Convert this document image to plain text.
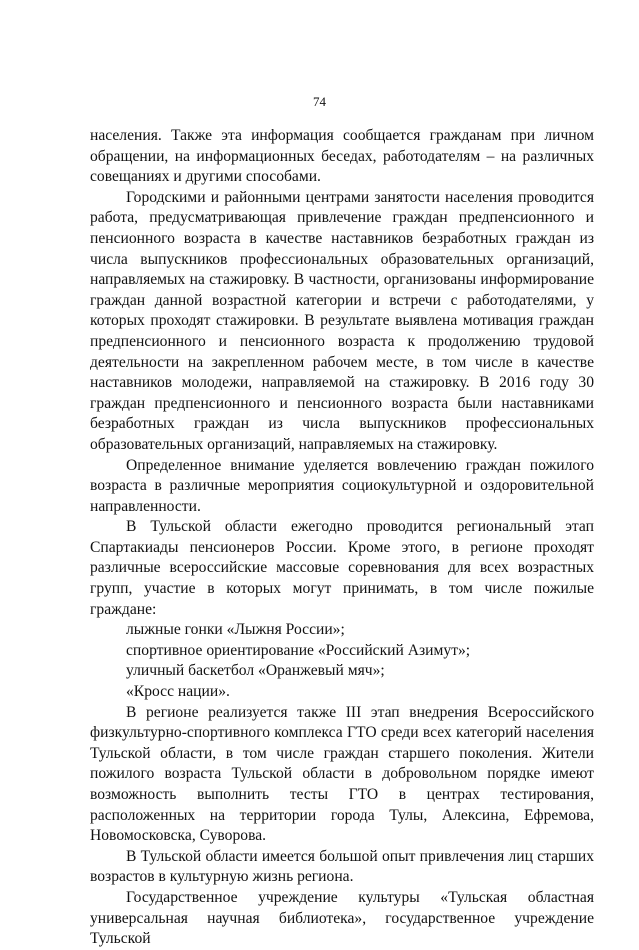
74

населения. Также эта информация сообщается гражданам при личном обращении, на информационных беседах, работодателям – на различных совещаниях и другими способами.

Городскими и районными центрами занятости населения проводится работа, предусматривающая привлечение граждан предпенсионного и пенсионного возраста в качестве наставников безработных граждан из числа выпускников профессиональных образовательных организаций, направляемых на стажировку. В частности, организованы информирование граждан данной возрастной категории и встречи с работодателями, у которых проходят стажировки. В результате выявлена мотивация граждан предпенсионного и пенсионного возраста к продолжению трудовой деятельности на закрепленном рабочем месте, в том числе в качестве наставников молодежи, направляемой на стажировку. В 2016 году 30 граждан предпенсионного и пенсионного возраста были наставниками безработных граждан из числа выпускников профессиональных образовательных организаций, направляемых на стажировку.

Определенное внимание уделяется вовлечению граждан пожилого возраста в различные мероприятия социокультурной и оздоровительной направленности.

В Тульской области ежегодно проводится региональный этап Спартакиады пенсионеров России. Кроме этого, в регионе проходят различные всероссийские массовые соревнования для всех возрастных групп, участие в которых могут принимать, в том числе пожилые граждане:

лыжные гонки «Лыжня России»;

спортивное ориентирование «Российский Азимут»;

уличный баскетбол «Оранжевый мяч»;

«Кросс нации».

В регионе реализуется также III этап внедрения Всероссийского физкультурно-спортивного комплекса ГТО среди всех категорий населения Тульской области, в том числе граждан старшего поколения. Жители пожилого возраста Тульской области в добровольном порядке имеют возможность выполнить тесты ГТО в центрах тестирования, расположенных на территории города Тулы, Алексина, Ефремова, Новомосковска, Суворова.

В Тульской области имеется большой опыт привлечения лиц старших возрастов в культурную жизнь региона.

Государственное учреждение культуры «Тульская областная универсальная научная библиотека», государственное учреждение Тульской
